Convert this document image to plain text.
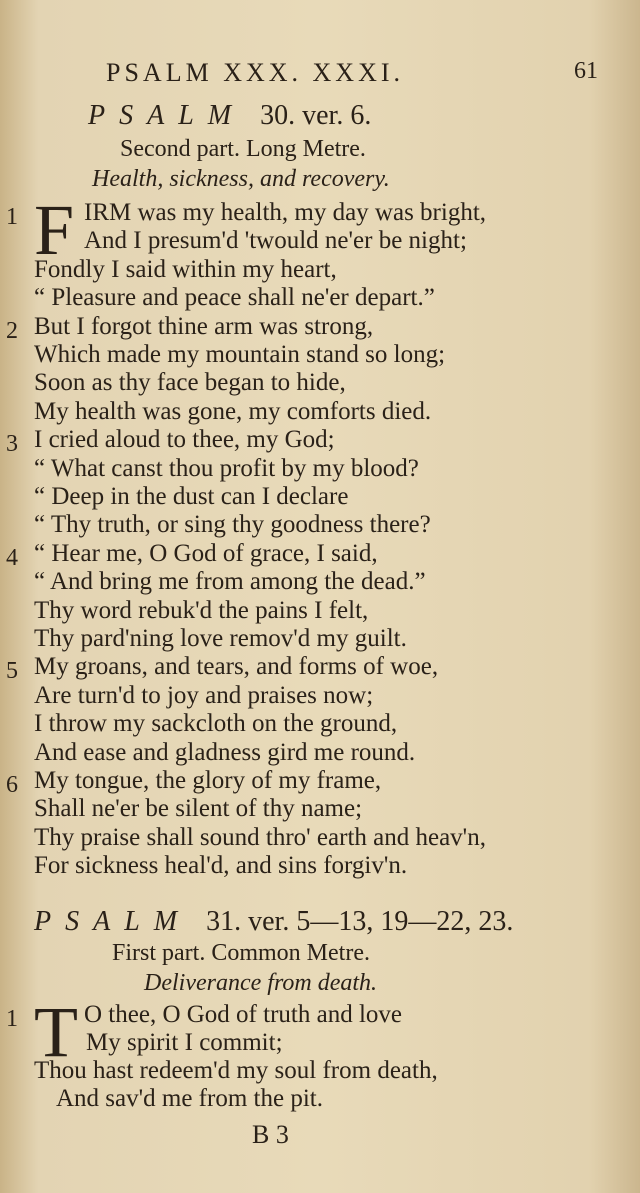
PSALM XXX. XXXI.	61
PSALM 30. ver. 6.
Second part. Long Metre.
Health, sickness, and recovery.
F
1	IRM was my health, my day was bright,
And I presum'd 'twould ne'er be night;
Fondly I said within my heart,
“ Pleasure and peace shall ne'er depart.”
2 But I forgot thine arm was strong,
Which made my mountain stand so long;
Soon as thy face began to hide,
My health was gone, my comforts died.
3 I cried aloud to thee, my God;
“ What canst thou profit by my blood?
“ Deep in the dust can I declare
“ Thy truth, or sing thy goodness there?
4 “ Hear me, O God of grace, I said,
“ And bring me from among the dead.”
Thy word rebuk'd the pains I felt,
Thy pard'ning love remov'd my guilt.
5 My groans, and tears, and forms of woe,
Are turn'd to joy and praises now;
I throw my sackcloth on the ground,
And ease and gladness gird me round.
6 My tongue, the glory of my frame,
Shall ne'er be silent of thy name;
Thy praise shall sound thro' earth and heav'n,
For sickness heal'd, and sins forgiv'n.
PSALM 31. ver. 5—13, 19—22, 23.
First part. Common Metre.
Deliverance from death.
T
1	O thee, O God of truth and love
My spirit I commit;
Thou hast redeem'd my soul from death,
And sav'd me from the pit.
B 3
